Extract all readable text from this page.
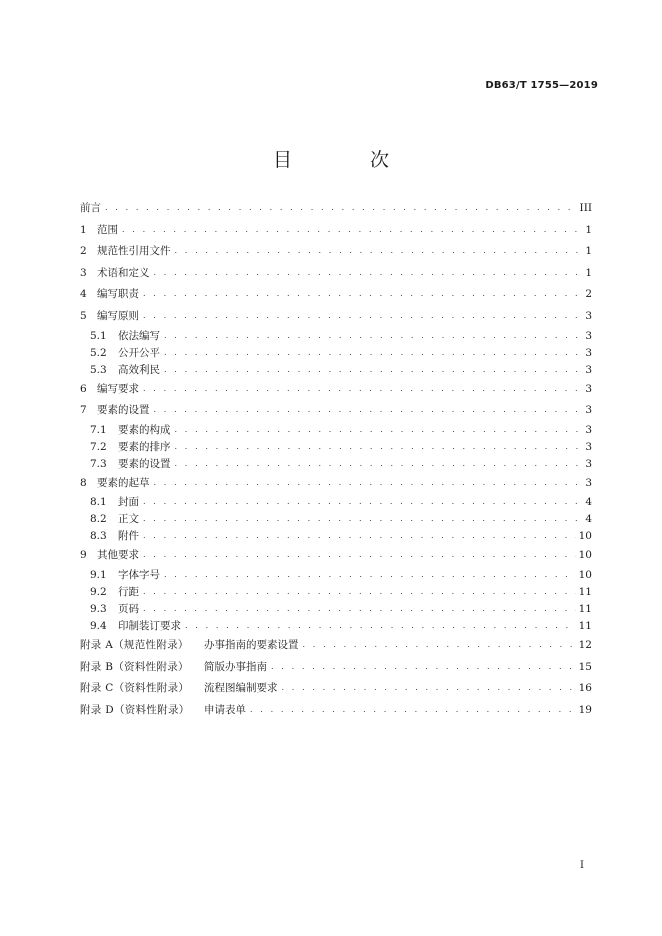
DB63/T 1755—2019
目 次
前言 . . .	III
1 范围 . . .	1
2 规范性引用文件 . . .	1
3 术语和定义 . . .	1
4 编写职责 . . .	2
5 编写原则 . . .	3
5.1	依法编写 . . .	3
5.2	公开公平 . . .	3
5.3	高效利民 . . .	3
6 编写要求 . . .	3
7 要素的设置 . . .	3
7.1	要素的构成 . . .	3
7.2	要素的排序 . . .	3
7.3	要素的设置 . . .	3
8 要素的起草 . . .	3
8.1	封面 . . .	4
8.2	正文 . . .	4
8.3	附件 . . .	10
9 其他要求 . . .	10
9.1	字体字号 . . .	10
9.2	行距 . . .	11
9.3	页码 . . .	11
9.4	印制装订要求 . . .	11
附录 A（规范性附录）	办事指南的要素设置 . . .	12
附录 B（资料性附录）	简版办事指南 . . .	15
附录 C（资料性附录）	流程图编制要求 . . .	16
附录 D（资料性附录）	申请表单 . . .	19
I
